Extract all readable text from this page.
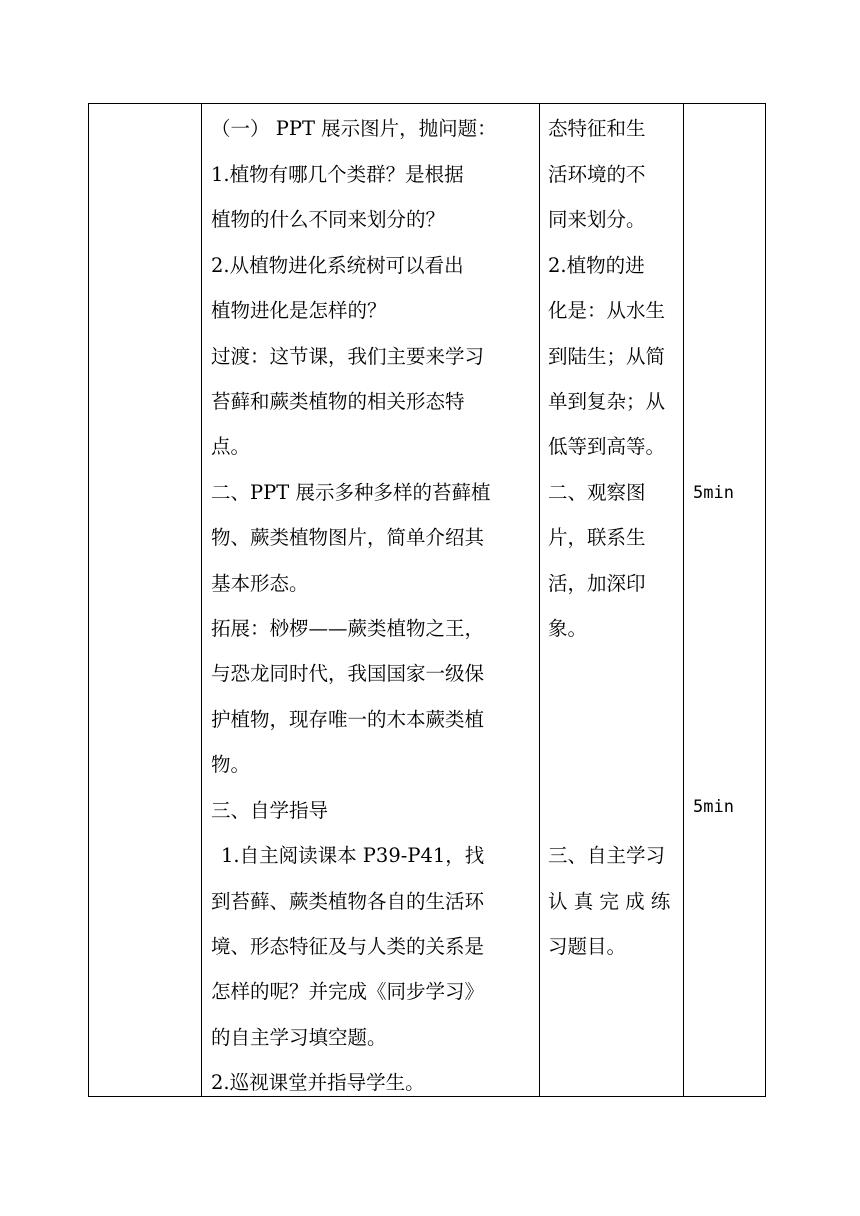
（一） PPT 展示图片，抛问题：
1.植物有哪几个类群？是根据
植物的什么不同来划分的？
2.从植物进化系统树可以看出
植物进化是怎样的？
过渡：这节课，我们主要来学习
苔藓和蕨类植物的相关形态特
点。
二、PPT 展示多种多样的苔藓植
物、蕨类植物图片，简单介绍其
基本形态。
拓展：桫椤——蕨类植物之王，
与恐龙同时代，我国国家一级保
护植物，现存唯一的木本蕨类植
物。
三、自学指导
1.自主阅读课本 P39-P41，找
到苔藓、蕨类植物各自的生活环
境、形态特征及与人类的关系是
怎样的呢？并完成《同步学习》
的自主学习填空题。
2.巡视课堂并指导学生。
态特征和生
活环境的不
同来划分。
2.植物的进
化是：从水生
到陆生；从简
单到复杂；从
低等到高等。
二、观察图
片，联系生
活，加深印
象。
三、自主学习
认 真 完 成 练
习题目。
5min
5min
